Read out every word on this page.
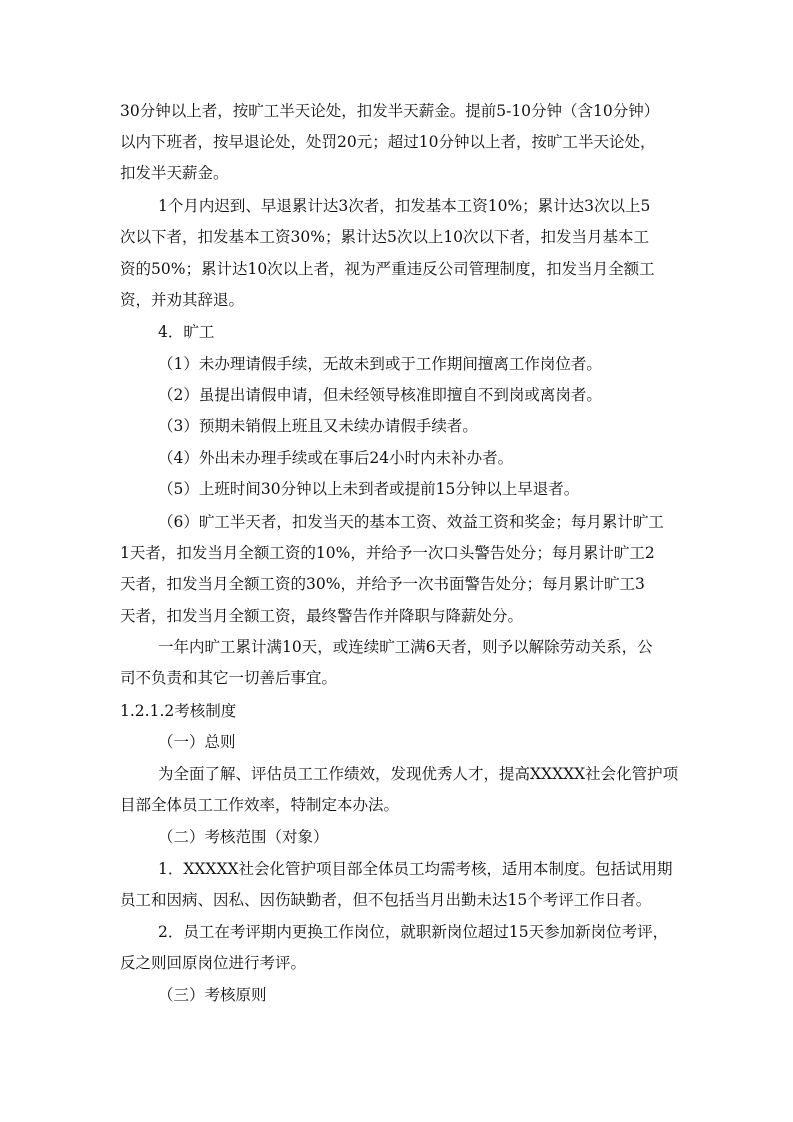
30分钟以上者，按旷工半天论处，扣发半天薪金。提前5-10分钟（含10分钟）

以内下班者，按早退论处，处罚20元；超过10分钟以上者，按旷工半天论处，

扣发半天薪金。

1个月内迟到、早退累计达3次者，扣发基本工资10%；累计达3次以上5

次以下者，扣发基本工资30%；累计达5次以上10次以下者，扣发当月基本工

资的50%；累计达10次以上者，视为严重违反公司管理制度，扣发当月全额工

资，并劝其辞退。

4．旷工

（1）未办理请假手续，无故未到或于工作期间擅离工作岗位者。

（2）虽提出请假申请，但未经领导核准即擅自不到岗或离岗者。

（3）预期未销假上班且又未续办请假手续者。

（4）外出未办理手续或在事后24小时内未补办者。

（5）上班时间30分钟以上未到者或提前15分钟以上早退者。

（6）旷工半天者，扣发当天的基本工资、效益工资和奖金；每月累计旷工

1天者，扣发当月全额工资的10%，并给予一次口头警告处分；每月累计旷工2

天者，扣发当月全额工资的30%，并给予一次书面警告处分；每月累计旷工3

天者，扣发当月全额工资，最终警告作并降职与降薪处分。

一年内旷工累计满10天，或连续旷工满6天者，则予以解除劳动关系，公

司不负责和其它一切善后事宜。

1.2.1.2考核制度

（一）总则

为全面了解、评估员工工作绩效，发现优秀人才，提高XXXXX社会化管护项

目部全体员工工作效率，特制定本办法。

（二）考核范围（对象）

1．XXXXX社会化管护项目部全体员工均需考核，适用本制度。包括试用期

员工和因病、因私、因伤缺勤者，但不包括当月出勤未达15个考评工作日者。

2．员工在考评期内更换工作岗位，就职新岗位超过15天参加新岗位考评，

反之则回原岗位进行考评。

（三）考核原则
